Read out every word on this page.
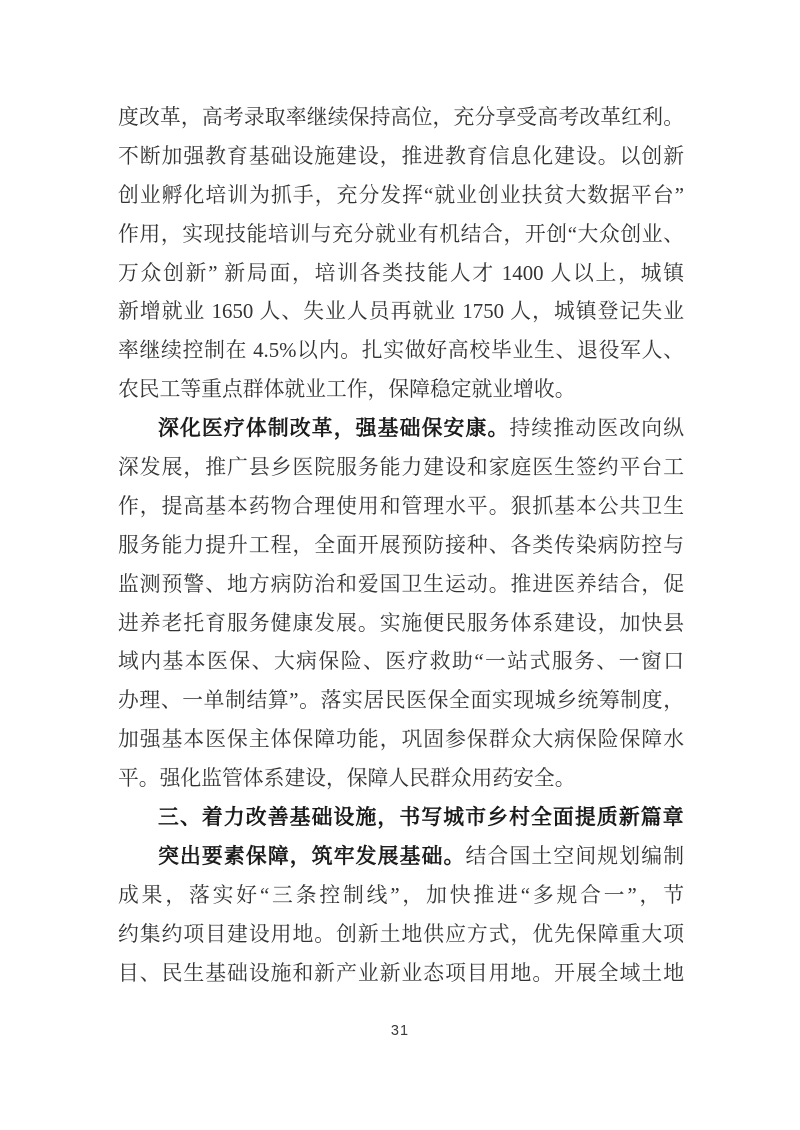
度改革，高考录取率继续保持高位，充分享受高考改革红利。
不断加强教育基础设施建设，推进教育信息化建设。以创新
创业孵化培训为抓手，充分发挥“就业创业扶贫大数据平台”
作用，实现技能培训与充分就业有机结合，开创“大众创业、
万众创新” 新局面，培训各类技能人才 1400 人以上，城镇
新增就业 1650 人、失业人员再就业 1750 人，城镇登记失业
率继续控制在 4.5%以内。扎实做好高校毕业生、退役军人、
农民工等重点群体就业工作，保障稳定就业增收。
深化医疗体制改革，强基础保安康。持续推动医改向纵
深发展，推广县乡医院服务能力建设和家庭医生签约平台工
作，提高基本药物合理使用和管理水平。狠抓基本公共卫生
服务能力提升工程，全面开展预防接种、各类传染病防控与
监测预警、地方病防治和爱国卫生运动。推进医养结合，促
进养老托育服务健康发展。实施便民服务体系建设，加快县
域内基本医保、大病保险、医疗救助“一站式服务、一窗口
办理、一单制结算”。落实居民医保全面实现城乡统筹制度，
加强基本医保主体保障功能，巩固参保群众大病保险保障水
平。强化监管体系建设，保障人民群众用药安全。
三、着力改善基础设施，书写城市乡村全面提质新篇章
突出要素保障，筑牢发展基础。结合国土空间规划编制
成果，落实好“三条控制线”，加快推进“多规合一”，节
约集约项目建设用地。创新土地供应方式，优先保障重大项
目、民生基础设施和新产业新业态项目用地。开展全域土地
31
